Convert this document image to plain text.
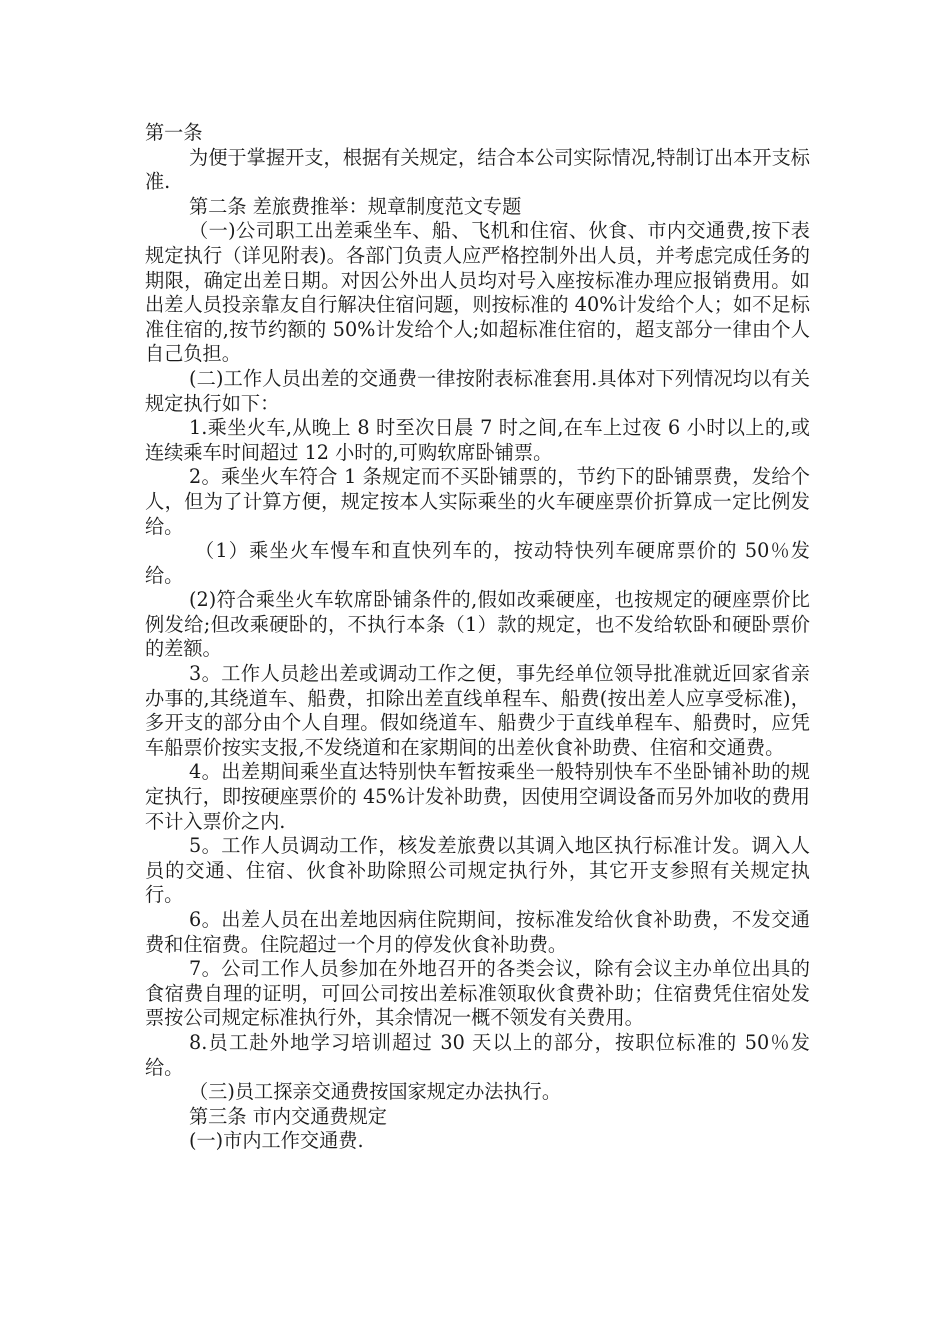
第一条

为便于掌握开支，根据有关规定，结合本公司实际情况,特制订出本开支标准.

第二条 差旅费推举：规章制度范文专题

（一)公司职工出差乘坐车、船、飞机和住宿、伙食、市内交通费,按下表规定执行（详见附表)。各部门负责人应严格控制外出人员，并考虑完成任务的期限，确定出差日期。对因公外出人员均对号入座按标准办理应报销费用。如出差人员投亲靠友自行解决住宿问题，则按标准的 40%计发给个人；如不足标准住宿的,按节约额的 50%计发给个人;如超标准住宿的，超支部分一律由个人自己负担。

(二)工作人员出差的交通费一律按附表标准套用.具体对下列情况均以有关规定执行如下：

1.乘坐火车,从晚上 8 时至次日晨 7 时之间,在车上过夜 6 小时以上的,或连续乘车时间超过 12 小时的,可购软席卧铺票。

2。乘坐火车符合 1 条规定而不买卧铺票的，节约下的卧铺票费，发给个人，但为了计算方便，规定按本人实际乘坐的火车硬座票价折算成一定比例发给。

（1）乘坐火车慢车和直快列车的，按动特快列车硬席票价的 50％发给。

(2)符合乘坐火车软席卧铺条件的,假如改乘硬座，也按规定的硬座票价比例发给;但改乘硬卧的，不执行本条（1）款的规定，也不发给软卧和硬卧票价的差额。

3。工作人员趁出差或调动工作之便，事先经单位领导批准就近回家省亲办事的,其绕道车、船费，扣除出差直线单程车、船费(按出差人应享受标准)，多开支的部分由个人自理。假如绕道车、船费少于直线单程车、船费时，应凭车船票价按实支报,不发绕道和在家期间的出差伙食补助费、住宿和交通费。

4。出差期间乘坐直达特别快车暂按乘坐一般特别快车不坐卧铺补助的规定执行，即按硬座票价的 45%计发补助费，因使用空调设备而另外加收的费用不计入票价之内.

5。工作人员调动工作，核发差旅费以其调入地区执行标准计发。调入人员的交通、住宿、伙食补助除照公司规定执行外，其它开支参照有关规定执行。

6。出差人员在出差地因病住院期间，按标准发给伙食补助费，不发交通费和住宿费。住院超过一个月的停发伙食补助费。

7。公司工作人员参加在外地召开的各类会议，除有会议主办单位出具的食宿费自理的证明，可回公司按出差标准领取伙食费补助；住宿费凭住宿处发票按公司规定标准执行外，其余情况一概不领发有关费用。

8.员工赴外地学习培训超过 30 天以上的部分，按职位标准的 50％发给。

（三)员工探亲交通费按国家规定办法执行。

第三条 市内交通费规定

(一)市内工作交通费.
